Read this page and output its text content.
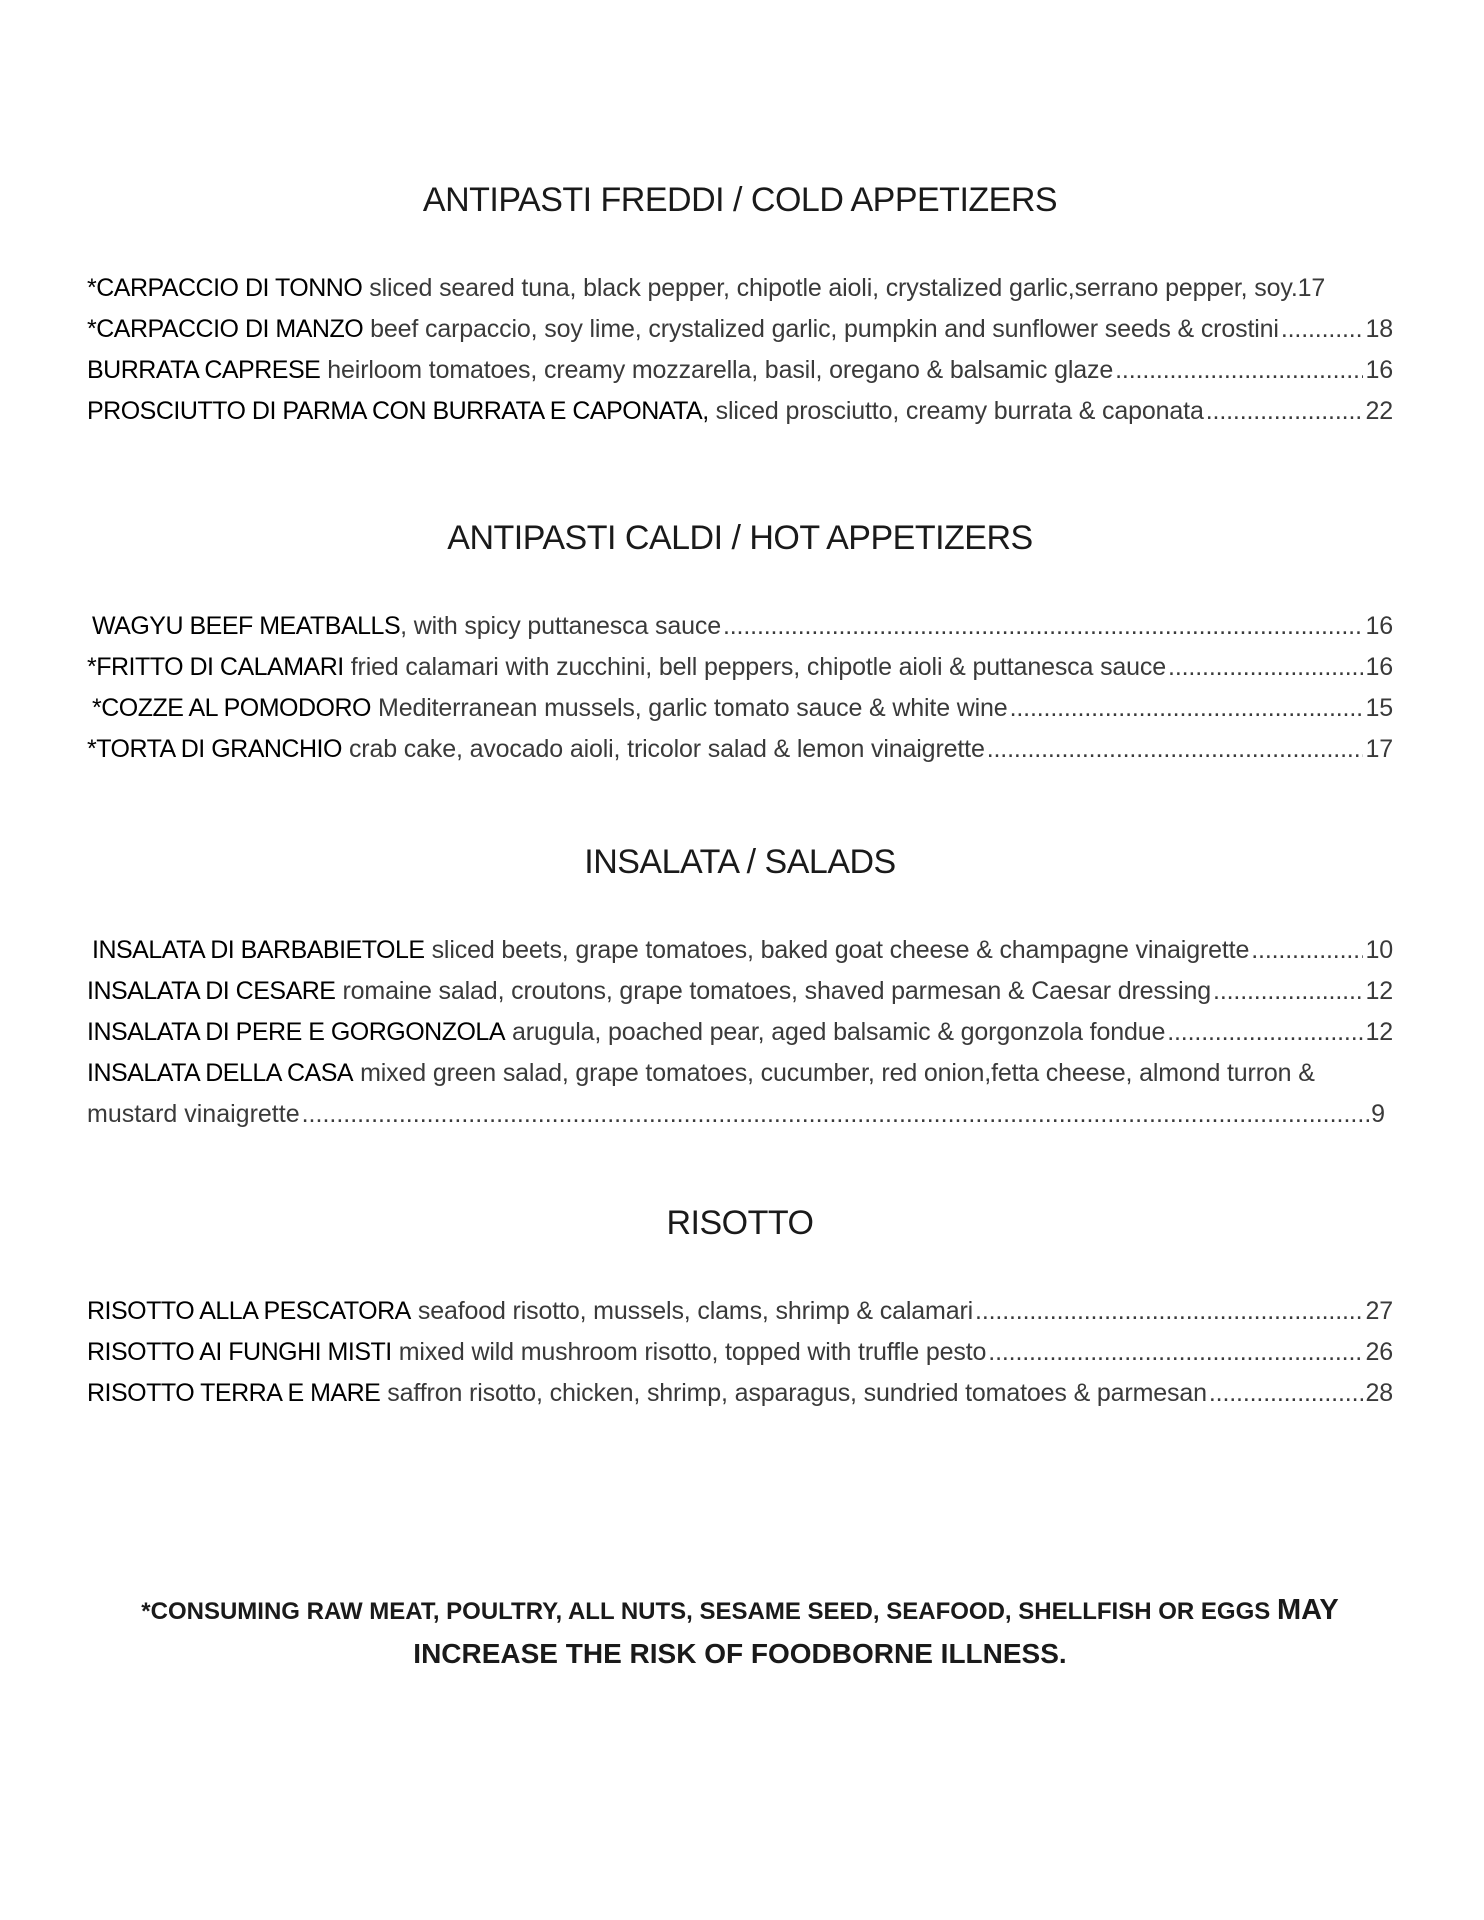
ANTIPASTI FREDDI / COLD APPETIZERS
*CARPACCIO DI TONNO sliced seared tuna, black pepper, chipotle aioli, crystalized garlic,serrano pepper, soy. 17
*CARPACCIO DI MANZO beef carpaccio, soy lime, crystalized garlic, pumpkin and sunflower seeds & crostini .....	18
BURRATA CAPRESE heirloom tomatoes, creamy mozzarella, basil, oregano & balsamic glaze .....	16
PROSCIUTTO DI PARMA CON BURRATA E CAPONATA, sliced prosciutto, creamy burrata & caponata .....	22
ANTIPASTI CALDI / HOT APPETIZERS
WAGYU BEEF MEATBALLS , with spicy puttanesca sauce .....	16
*FRITTO DI CALAMARI fried calamari with zucchini, bell peppers, chipotle aioli & puttanesca sauce .....	16
*COZZE AL POMODORO Mediterranean mussels, garlic tomato sauce & white wine .....	15
*TORTA DI GRANCHIO crab cake, avocado aioli, tricolor salad & lemon vinaigrette .....	17
INSALATA / SALADS
INSALATA DI BARBABIETOLE sliced beets, grape tomatoes, baked goat cheese & champagne vinaigrette .....	10
INSALATA DI CESARE romaine salad, croutons, grape tomatoes, shaved parmesan & Caesar dressing .....	12
INSALATA DI PERE E GORGONZOLA arugula, poached pear, aged balsamic & gorgonzola fondue .....	12
INSALATA DELLA CASA mixed green salad, grape tomatoes, cucumber, red onion,fetta cheese, almond turron &
mustard vinaigrette .....	9
RISOTTO
RISOTTO ALLA PESCATORA seafood risotto, mussels, clams, shrimp & calamari .....	27
RISOTTO AI FUNGHI MISTI mixed wild mushroom risotto, topped with truffle pesto .....	26
RISOTTO TERRA E MARE saffron risotto, chicken, shrimp, asparagus, sundried tomatoes & parmesan .....	28
*CONSUMING RAW MEAT, POULTRY, ALL NUTS, SESAME SEED, SEAFOOD, SHELLFISH OR EGGS MAY
INCREASE THE RISK OF FOODBORNE ILLNESS.
